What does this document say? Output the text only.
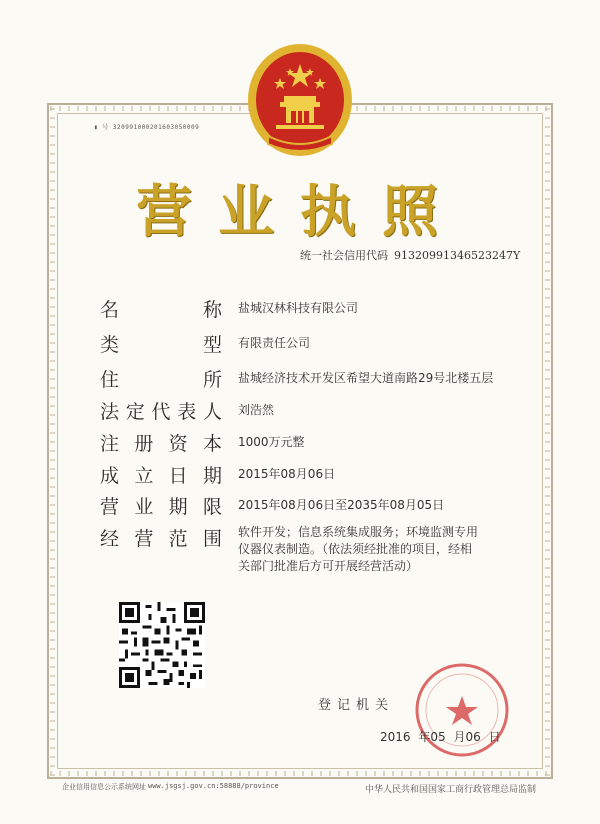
▮ 号 320991000201603050009
营业执照
统一社会信用代码 91320991346523247Y
名	称 盐城汉林科技有限公司
类	型 有限责任公司
住	所 盐城经济技术开发区希望大道南路29号北楼五层
法 定 代 表 人 刘浩然
注 册 资 本 1000万元整
成 立 日 期 2015年08月06日
营 业 期 限 2015年08月06日至2035年08月05日
经 营 范 围 软件开发；信息系统集成服务；环境监测专用
仪器仪表制造。（依法须经批准的项目，经相
关部门批准后方可开展经营活动）
登记机关
2016 年05 月06 日
企业信用信息公示系统网址 www.jsgsj.gov.cn:58888/province	中华人民共和国国家工商行政管理总局监制
